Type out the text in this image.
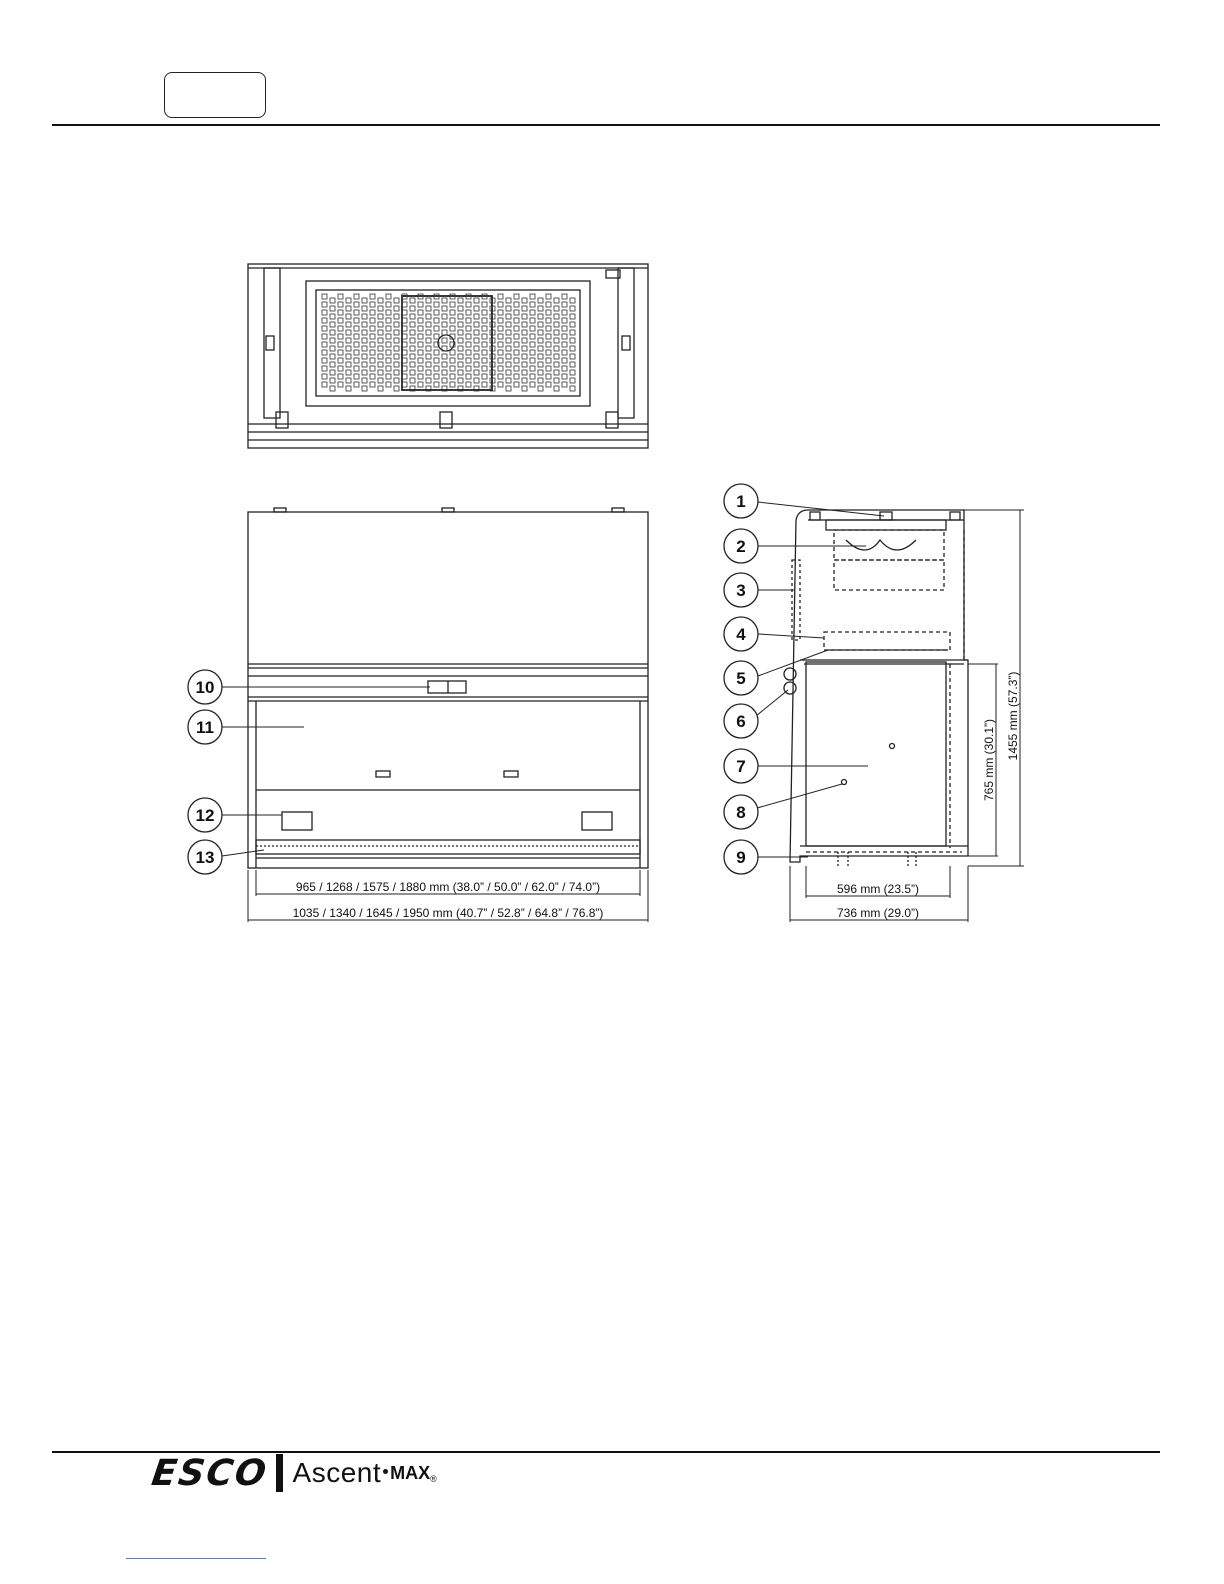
965 / 1268 / 1575 / 1880 mm (38.0” / 50.0” / 62.0” / 74.0”)
1035 / 1340 / 1645 / 1950 mm (40.7” / 52.8” / 64.8” / 76.8”)
596 mm (23.5”)
736 mm (29.0”)
765 mm (30.1”) 1455 mm (57.3”)
10
11
12
13
1
2
3
4
5
6
7
8
9
ESCO Ascent MAX ®
